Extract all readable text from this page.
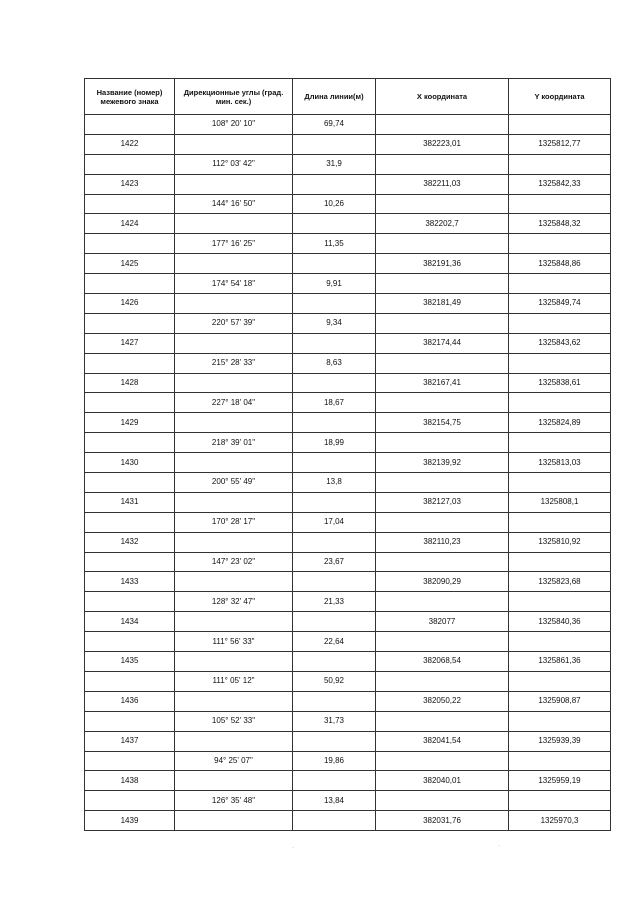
Название (номер) межевого знака	Дирекционные углы (град. мин. сек.)	Длина линии(м)	X координата	Y координата
	108° 20' 10"	69,74		
1422			382223,01	1325812,77
	112° 03' 42"	31,9		
1423			382211,03	1325842,33
	144° 16' 50"	10,26		
1424			382202,7	1325848,32
	177° 16' 25"	11,35		
1425			382191,36	1325848,86
	174° 54' 18"	9,91		
1426			382181,49	1325849,74
	220° 57' 39"	9,34		
1427			382174,44	1325843,62
	215° 28' 33"	8,63		
1428			382167,41	1325838,61
	227° 18' 04"	18,67		
1429			382154,75	1325824,89
	218° 39' 01"	18,99		
1430			382139,92	1325813,03
	200° 55' 49"	13,8		
1431			382127,03	1325808,1
	170° 28' 17"	17,04		
1432			382110,23	1325810,92
	147° 23' 02"	23,67		
1433			382090,29	1325823,68
	128° 32' 47"	21,33		
1434			382077	1325840,36
	111° 56' 33"	22,64		
1435			382068,54	1325861,36
	111° 05' 12"	50,92		
1436			382050,22	1325908,87
	105° 52' 33"	31,73		
1437			382041,54	1325939,39
	94° 25' 07"	19,86		
1438			382040,01	1325959,19
	126° 35' 48"	13,84		
1439			382031,76	1325970,3
·	·
